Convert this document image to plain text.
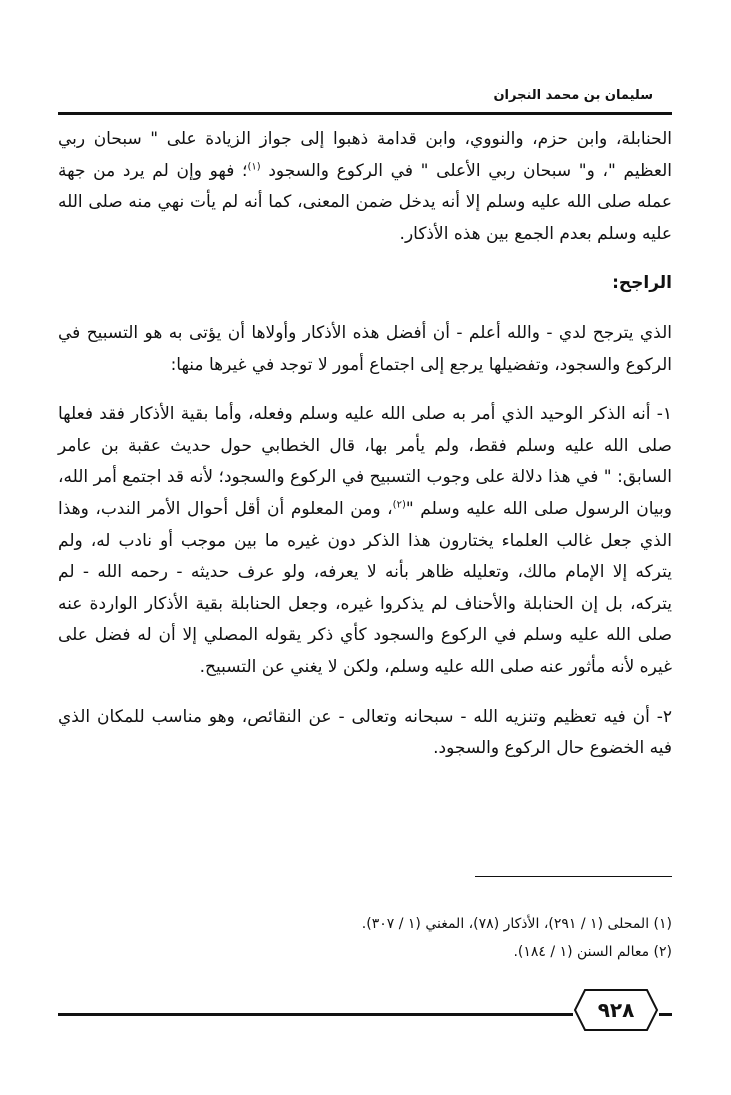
سليمان بن محمد النجران

الحنابلة، وابن حزم، والنووي، وابن قدامة ذهبوا إلى جواز الزيادة على " سبحان ربي العظيم "، و" سبحان ربي الأعلى " في الركوع والسجود $^{(١)}$؛ فهو وإن لم يرد من جهة عمله صلى الله عليه وسلم إلا أنه يدخل ضمن المعنى، كما أنه لم يأت نهي منه صلى الله عليه وسلم بعدم الجمع بين هذه الأذكار.

الراجح:

الذي يترجح لدي - والله أعلم - أن أفضل هذه الأذكار وأولاها أن يؤتى به هو التسبيح في الركوع والسجود، وتفضيلها يرجع إلى اجتماع أمور لا توجد في غيرها منها:

١- أنه الذكر الوحيد الذي أمر به صلى الله عليه وسلم وفعله، وأما بقية الأذكار فقد فعلها صلى الله عليه وسلم فقط، ولم يأمر بها، قال الخطابي حول حديث عقبة بن عامر السابق: " في هذا دلالة على وجوب التسبيح في الركوع والسجود؛ لأنه قد اجتمع أمر الله، وبيان الرسول صلى الله عليه وسلم "$^{(٢)}$، ومن المعلوم أن أقل أحوال الأمر الندب، وهذا الذي جعل غالب العلماء يختارون هذا الذكر دون غيره ما بين موجب أو نادب له، ولم يتركه إلا الإمام مالك، وتعليله ظاهر بأنه لا يعرفه، ولو عرف حديثه - رحمه الله - لم يتركه، بل إن الحنابلة والأحناف لم يذكروا غيره، وجعل الحنابلة بقية الأذكار الواردة عنه صلى الله عليه وسلم في الركوع والسجود كأي ذكر يقوله المصلي إلا أن له فضل على غيره لأنه مأثور عنه صلى الله عليه وسلم، ولكن لا يغني عن التسبيح.

٢- أن فيه تعظيم وتنزيه الله - سبحانه وتعالى - عن النقائص، وهو مناسب للمكان الذي فيه الخضوع حال الركوع والسجود.

(١) المحلى (١ / ٢٩١)، الأذكار (٧٨)، المغني (١ / ٣٠٧).
(٢) معالم السنن (١ / ١٨٤).
٩٢٨
